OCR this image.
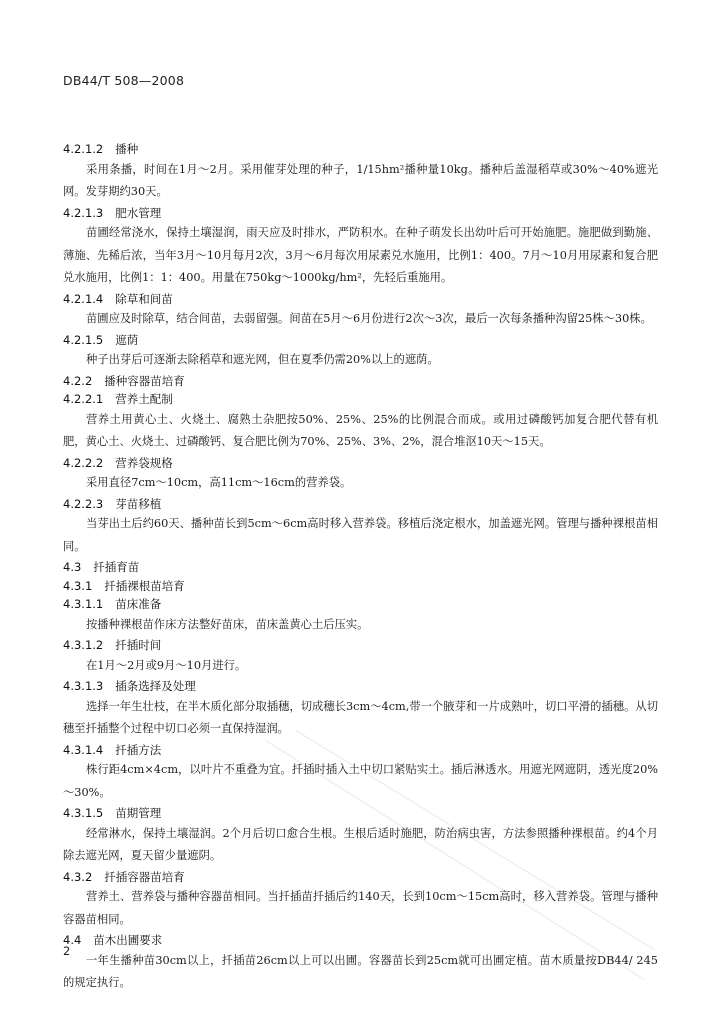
DB44/T 508—2008
4.2.1.2 播种

采用条播，时间在1月～2月。采用催芽处理的种子，1/15hm²播种量10kg。播种后盖湿稻草或30%～40%遮光网。发芽期约30天。

4.2.1.3 肥水管理

苗圃经常浇水，保持土壤湿润，雨天应及时排水，严防积水。在种子萌发长出幼叶后可开始施肥。施肥做到勤施、薄施、先稀后浓，当年3月～10月每月2次，3月～6月每次用尿素兑水施用，比例1：400。7月～10月用尿素和复合肥兑水施用，比例1：1：400。用量在750kg～1000kg/hm²，先轻后重施用。

4.2.1.4 除草和间苗

苗圃应及时除草，结合间苗，去弱留强。间苗在5月～6月份进行2次～3次，最后一次每条播种沟留25株～30株。

4.2.1.5 遮荫

种子出芽后可逐渐去除稻草和遮光网，但在夏季仍需20%以上的遮荫。

4.2.2 播种容器苗培育
4.2.2.1 营养土配制

营养土用黄心土、火烧土、腐熟土杂肥按50%、25%、25%的比例混合而成。或用过磷酸钙加复合肥代替有机肥，黄心土、火烧土、过磷酸钙、复合肥比例为70%、25%、3%、2%，混合堆沤10天～15天。

4.2.2.2 营养袋规格

采用直径7cm～10cm，高11cm～16cm的营养袋。

4.2.2.3 芽苗移植

当芽出土后约60天、播种苗长到5cm～6cm高时移入营养袋。移植后浇定根水，加盖遮光网。管理与播种裸根苗相同。

4.3 扦插育苗
4.3.1 扦插裸根苗培育
4.3.1.1 苗床准备

按播种裸根苗作床方法整好苗床，苗床盖黄心土后压实。

4.3.1.2 扦插时间

在1月～2月或9月～10月进行。

4.3.1.3 插条选择及处理

选择一年生壮枝，在半木质化部分取插穗，切成穗长3cm～4cm,带一个腋芽和一片成熟叶，切口平滑的插穗。从切穗至扦插整个过程中切口必须一直保持湿润。

4.3.1.4 扦插方法

株行距4cm×4cm，以叶片不重叠为宜。扦插时插入土中切口紧贴实土。插后淋透水。用遮光网遮阴，透光度20%～30%。

4.3.1.5 苗期管理

经常淋水，保持土壤湿润。2个月后切口愈合生根。生根后适时施肥，防治病虫害，方法参照播种裸根苗。约4个月除去遮光网，夏天留少量遮阴。

4.3.2 扦插容器苗培育

营养土、营养袋与播种容器苗相同。当扦插苗扦插后约140天，长到10cm～15cm高时，移入营养袋。管理与播种容器苗相同。

4.4 苗木出圃要求

一年生播种苗30cm以上，扦插苗26cm以上可以出圃。容器苗长到25cm就可出圃定植。苗木质量按DB44/ 245的规定执行。

2
